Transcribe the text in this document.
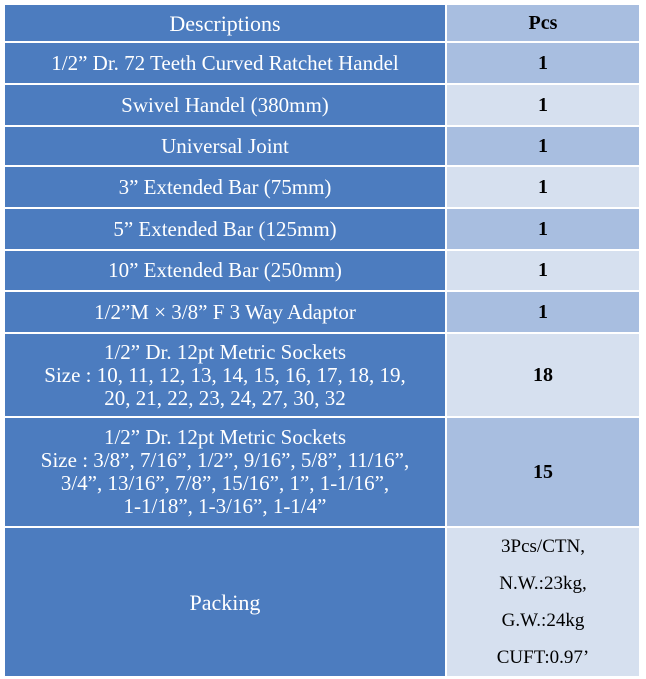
Descriptions	Pcs

1/2” Dr. 72 Teeth Curved Ratchet Handel	1

Swivel Handel (380mm)	1

Universal Joint	1

3” Extended Bar (75mm)	1

5” Extended Bar (125mm)	1

10” Extended Bar (250mm)	1

1/2”M × 3/8” F 3 Way Adaptor	1

1/2” Dr. 12pt Metric Sockets
Size : 10, 11, 12, 13, 14, 15, 16, 17, 18, 19,
20, 21, 22, 23, 24, 27, 30, 32	18

1/2” Dr. 12pt Metric Sockets
Size : 3/8”, 7/16”, 1/2”, 9/16”, 5/8”, 11/16”,
3/4”, 13/16”, 7/8”, 15/16”, 1”, 1-1/16”,
1-1/18”, 1-3/16”, 1-1/4”	15
Packing	3Pcs/CTN,
N.W.:23kg,
G.W.:24kg
CUFT:0.97’
